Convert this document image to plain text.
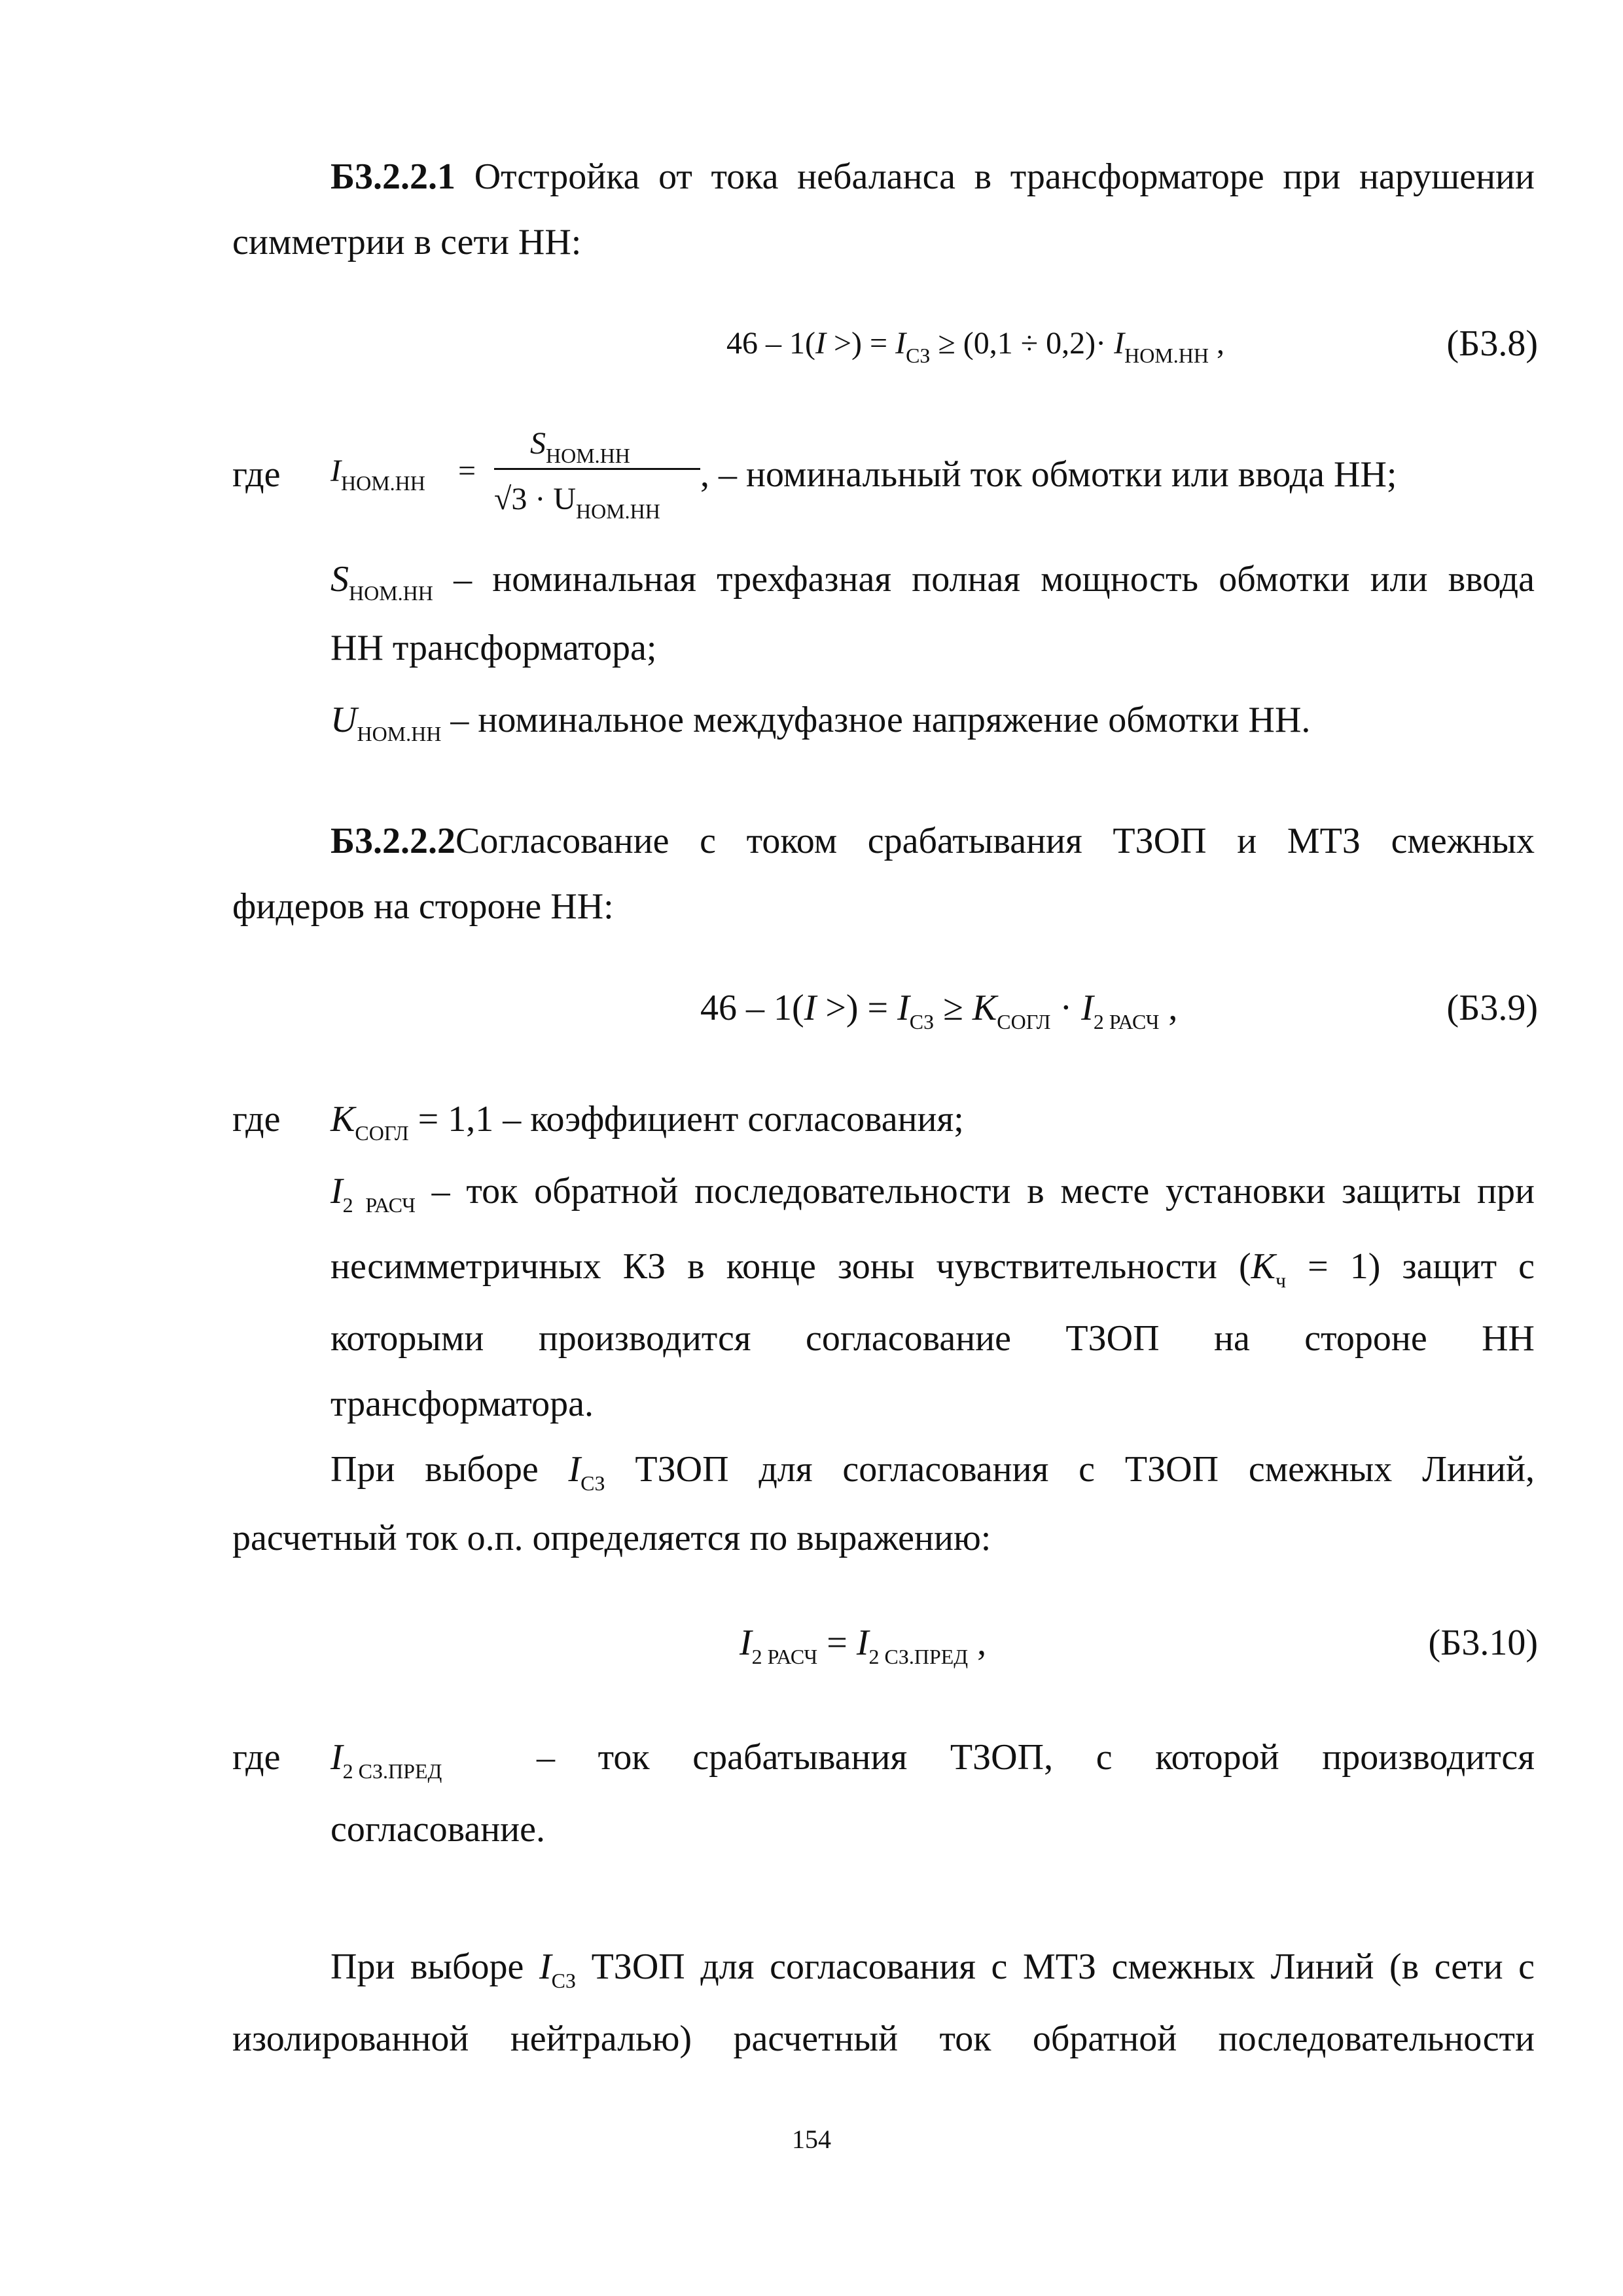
Б3.2.2.1 Отстройка от тока небаланса в трансформаторе при нарушении
симметрии в сети НН:
46 – 1(I >) = $I_{СЗ} \ge (0,1 \div 0,2)\cdot I_{НОМ.НН}$ ,	(Б3.8)
где $I_{НОМ.НН}$ =
$S_{НОМ.НН}$
$√3 \cdot U_{НОМ.НН}$
, – номинальный ток обмотки или ввода НН;
$S_{НОМ.НН}$ – номинальная трехфазная полная мощность обмотки или ввода
НН трансформатора;
$U_{НОМ.НН}$ – номинальное междуфазное напряжение обмотки НН.
Б3.2.2.2Согласование с током срабатывания ТЗОП и МТЗ смежных
фидеров на стороне НН:
46 – 1(I >) = $I_{СЗ} \ge K_{СОГЛ} \cdot I_{2 РАСЧ}$ ,	(Б3.9)
где $K_{СОГЛ} = 1,1$ – коэффициент согласования;
$I_{2 РАСЧ}$ – ток обратной последовательности в месте установки защиты при
несимметричных КЗ в конце зоны чувствительности $(K_ч = 1)$ защит с
которыми производится согласование ТЗОП на стороне НН
трансформатора.
При выборе $I_{СЗ}$ ТЗОП для согласования с ТЗОП смежных Линий,
расчетный ток о.п. определяется по выражению:
$I_{2 РАСЧ} = I_{2 СЗ.ПРЕД}$ ,	(Б3.10)
где $I_{2 СЗ.ПРЕД}$	– ток срабатывания ТЗОП, с которой производится
согласование.
При выборе $I_{СЗ}$ ТЗОП для согласования с МТЗ смежных Линий (в сети с
изолированной нейтралью) расчетный ток обратной последовательности
154
